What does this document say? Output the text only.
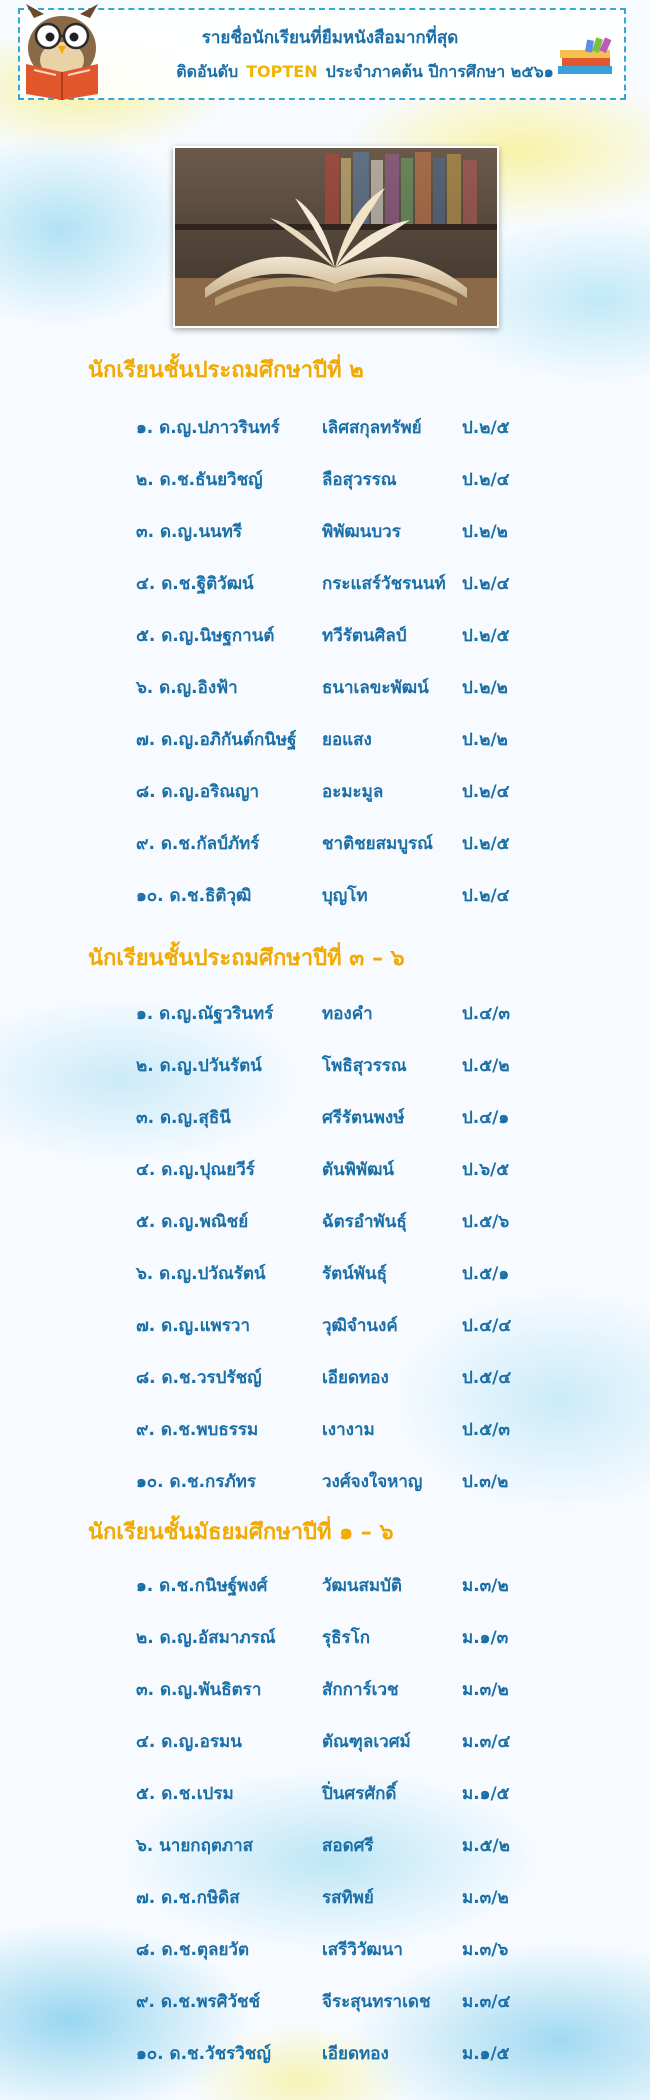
รายชื่อนักเรียนที่ยืมหนังสือมากที่สุด
ติดอันดับ TOPTEN ประจำภาคต้น ปีการศึกษา ๒๕๖๑
นักเรียนชั้นประถมศึกษาปีที่ ๒
๑. ด.ญ.ปภาวรินทร์ เลิศสกุลทรัพย์ ป.๒/๕
๒. ด.ช.ธันยวิชญ์	ลือสุวรรณ	ป.๒/๔
๓. ด.ญ.นนทรี	พิพัฒนบวร	ป.๒/๒
๔. ด.ช.ฐิติวัฒน์	กระแสร์วัชรนนท์ ป.๒/๔
๕. ด.ญ.นิษฐกานต์	ทวีรัตนศิลป์	ป.๒/๕
๖. ด.ญ.อิงฟ้า	ธนาเลขะพัฒน์ ป.๒/๒
๗. ด.ญ.อภิกันต์กนิษฐ์ ยอแสง	ป.๒/๒
๘. ด.ญ.อริณญา	อะมะมูล	ป.๒/๔
๙. ด.ช.กัลป์ภัทร์	ชาติชยสมบูรณ์ ป.๒/๕
๑๐. ด.ช.ธิติวุฒิ	บุญโท	ป.๒/๔
นักเรียนชั้นประถมศึกษาปีที่ ๓ – ๖
๑. ด.ญ.ณัฐวรินทร์	ทองคำ	ป.๔/๓
๒. ด.ญ.ปวันรัตน์	โพธิสุวรรณ	ป.๕/๒
๓. ด.ญ.สุธินี	ศรีรัตนพงษ์	ป.๔/๑
๔. ด.ญ.ปุณยวีร์	ตันพิพัฒน์	ป.๖/๕
๕. ด.ญ.พณิชย์	ฉัตรอำพันธุ์	ป.๕/๖
๖. ด.ญ.ปวัณรัตน์	รัตน์พันธุ์	ป.๕/๑
๗. ด.ญ.แพรวา	วุฒิจำนงค์	ป.๔/๔
๘. ด.ช.วรปรัชญ์	เอียดทอง	ป.๕/๔
๙. ด.ช.พบธรรม	เงางาม	ป.๕/๓
๑๐. ด.ช.กรภัทร	วงศ์จงใจหาญ ป.๓/๒
นักเรียนชั้นมัธยมศึกษาปีที่ ๑ – ๖
๑. ด.ช.กนิษฐ์พงศ์	วัฒนสมบัติ	ม.๓/๒
๒. ด.ญ.อัสมาภรณ์	รุธิรโก	ม.๑/๓
๓. ด.ญ.พันธิตรา	สักการ์เวช	ม.๓/๒
๔. ด.ญ.อรมน	ตัณฑุลเวศม์	ม.๓/๔
๕. ด.ช.เปรม	ปิ่นศรศักดิ์	ม.๑/๕
๖. นายกฤตภาส	สอดศรี	ม.๕/๒
๗. ด.ช.กษิดิส	รสทิพย์	ม.๓/๒
๘. ด.ช.ตุลยวัต	เสรีวิวัฒนา	ม.๓/๖
๙. ด.ช.พรศิวัชช์	จีระสุนทราเดช ม.๓/๔
๑๐. ด.ช.วัชรวิชญ์	เอียดทอง	ม.๑/๕
